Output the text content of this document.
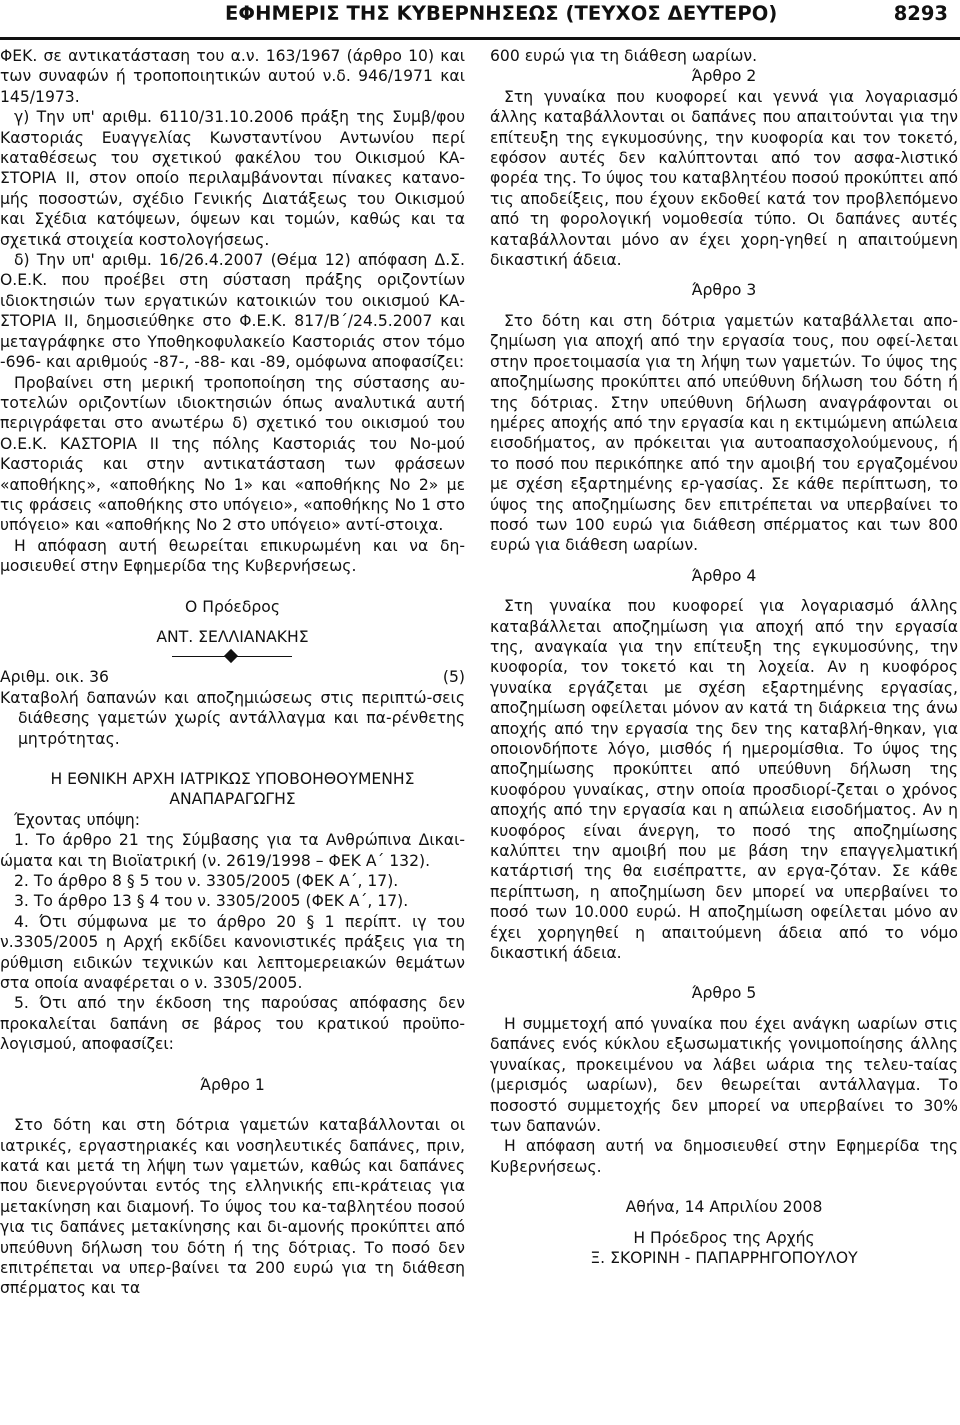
ΕΦΗΜΕΡΙΣ ΤΗΣ ΚΥΒΕΡΝΗΣΕΩΣ (ΤΕΥΧΟΣ ΔΕΥΤΕΡΟ)	8293

ΦΕΚ. σε αντικατάσταση του α.ν. 163/1967 (άρθρο 10) και των συναφών ή τροποποιητικών αυτού ν.δ. 946/1971 και 145/1973.

γ) Την υπ' αριθμ. 6110/31.10.2006 πράξη της Συμβ/φου Καστοριάς Ευαγγελίας Κωνσταντίνου Αντωνίου περί καταθέσεως του σχετικού φακέλου του Οικισμού ΚΑ-ΣΤΟΡΙΑ ΙΙ, στον οποίο περιλαμβάνονται πίνακες κατανο-μής ποσοστών, σχέδιο Γενικής Διατάξεως του Οικισμού και Σχέδια κατόψεων, όψεων και τομών, καθώς και τα σχετικά στοιχεία κοστολογήσεως.

δ) Την υπ' αριθμ. 16/26.4.2007 (Θέμα 12) απόφαση Δ.Σ. Ο.Ε.Κ. που προέβει στη σύσταση πράξης οριζοντίων ιδιοκτησιών των εργατικών κατοικιών του οικισμού ΚΑ-ΣΤΟΡΙΑ ΙΙ, δημοσιεύθηκε στο Φ.Ε.Κ. 817/Β΄/24.5.2007 και μεταγράφηκε στο Υποθηκοφυλακείο Καστοριάς στον τόμο -696- και αριθμούς -87-, -88- και -89, ομόφωνα αποφασίζει:

Προβαίνει στη μερική τροποποίηση της σύστασης αυ-τοτελών οριζοντίων ιδιοκτησιών όπως αναλυτικά αυτή περιγράφεται στο ανωτέρω δ) σχετικό του οικισμού του Ο.Ε.Κ. ΚΑΣΤΟΡΙΑ ΙΙ της πόλης Καστοριάς του Νο-μού Καστοριάς και στην αντικατάσταση των φράσεων «αποθήκης», «αποθήκης Νο 1» και «αποθήκης Νο 2» με τις φράσεις «αποθήκης στο υπόγειο», «αποθήκης Νο 1 στο υπόγειο» και «αποθήκης Νο 2 στο υπόγειο» αντί-στοιχα.

Η απόφαση αυτή θεωρείται επικυρωμένη και να δη-μοσιευθεί στην Εφημερίδα της Κυβερνήσεως.

Ο Πρόεδρος

ΑΝΤ. ΣΕΛΛΙΑΝΑΚΗΣ

Αριθμ. οικ. 36	(5)

Καταβολή δαπανών και αποζημιώσεως στις περιπτώ-σεις διάθεσης γαμετών χωρίς αντάλλαγμα και πα-ρένθετης μητρότητας.

Η ΕΘΝΙΚΗ ΑΡΧΗ ΙΑΤΡΙΚΩΣ ΥΠΟΒΟΗΘΟΥΜΕΝΗΣ

ΑΝΑΠΑΡΑΓΩΓΗΣ

Έχοντας υπόψη:

1. Το άρθρο 21 της Σύμβασης για τα Ανθρώπινα Δικαι-ώματα και τη Βιοϊατρική (ν. 2619/1998 – ΦΕΚ Α΄ 132).

2. Το άρθρο 8 § 5 του ν. 3305/2005 (ΦΕΚ Α΄, 17).

3. Το άρθρο 13 § 4 του ν. 3305/2005 (ΦΕΚ Α΄, 17).

4. Ότι σύμφωνα με το άρθρο 20 § 1 περίπτ. ιγ του ν.3305/2005 η Αρχή εκδίδει κανονιστικές πράξεις για τη ρύθμιση ειδικών τεχνικών και λεπτομερειακών θεμάτων στα οποία αναφέρεται ο ν. 3305/2005.

5. Ότι από την έκδοση της παρούσας απόφασης δεν προκαλείται δαπάνη σε βάρος του κρατικού προϋπο-λογισμού, αποφασίζει:

Άρθρο 1

Στο δότη και στη δότρια γαμετών καταβάλλονται οι ιατρικές, εργαστηριακές και νοσηλευτικές δαπάνες, πριν, κατά και μετά τη λήψη των γαμετών, καθώς και δαπάνες που διενεργούνται εντός της ελληνικής επι-κράτειας για μετακίνηση και διαμονή. Το ύψος του κα-ταβλητέου ποσού για τις δαπάνες μετακίνησης και δι-αμονής προκύπτει από υπεύθυνη δήλωση του δότη ή της δότριας. Το ποσό δεν επιτρέπεται να υπερ-βαίνει τα 200 ευρώ για τη διάθεση σπέρματος και τα

600 ευρώ για τη διάθεση ωαρίων.

Άρθρο 2

Στη γυναίκα που κυοφορεί και γεννά για λογαριασμό άλλης καταβάλλονται οι δαπάνες που απαιτούνται για την επίτευξη της εγκυμοσύνης, την κυοφορία και τον τοκετό, εφόσον αυτές δεν καλύπτονται από τον ασφα-λιστικό φορέα της. Το ύψος του καταβλητέου ποσού προκύπτει από τις αποδείξεις, που έχουν εκδοθεί κατά τον προβλεπόμενο από τη φορολογική νομοθεσία τύπο. Οι δαπάνες αυτές καταβάλλονται μόνο αν έχει χορη-γηθεί η απαιτούμενη δικαστική άδεια.

Άρθρο 3

Στο δότη και στη δότρια γαμετών καταβάλλεται απο-ζημίωση για αποχή από την εργασία τους, που οφεί-λεται στην προετοιμασία για τη λήψη των γαμετών. Το ύψος της αποζημίωσης προκύπτει από υπεύθυνη δήλωση του δότη ή της δότριας. Στην υπεύθυνη δήλωση αναγράφονται οι ημέρες αποχής από την εργασία και η εκτιμώμενη απώλεια εισοδήματος, αν πρόκειται για αυτοαπασχολούμενους, ή το ποσό που περικόπηκε από την αμοιβή του εργαζομένου με σχέση εξαρτημένης ερ-γασίας. Σε κάθε περίπτωση, το ύψος της αποζημίωσης δεν επιτρέπεται να υπερβαίνει το ποσό των 100 ευρώ για διάθεση σπέρματος και των 800 ευρώ για διάθεση ωαρίων.

Άρθρο 4

Στη γυναίκα που κυοφορεί για λογαριασμό άλλης καταβάλλεται αποζημίωση για αποχή από την εργασία της, αναγκαία για την επίτευξη της εγκυμοσύνης, την κυοφορία, τον τοκετό και τη λοχεία. Αν η κυοφόρος γυναίκα εργάζεται με σχέση εξαρτημένης εργασίας, αποζημίωση οφείλεται μόνον αν κατά τη διάρκεια της άνω αποχής από την εργασία της δεν της καταβλή-θηκαν, για οποιονδήποτε λόγο, μισθός ή ημερομίσθια. Το ύψος της αποζημίωσης προκύπτει από υπεύθυνη δήλωση της κυοφόρου γυναίκας, στην οποία προσδιορί-ζεται ο χρόνος αποχής από την εργασία και η απώλεια εισοδήματος. Αν η κυοφόρος είναι άνεργη, το ποσό της αποζημίωσης καλύπτει την αμοιβή που με βάση την επαγγελματική κατάρτισή της θα εισέπραττε, αν εργα-ζόταν. Σε κάθε περίπτωση, η αποζημίωση δεν μπορεί να υπερβαίνει το ποσό των 10.000 ευρώ. Η αποζημίωση οφείλεται μόνο αν έχει χορηγηθεί η απαιτούμενη άδεια από το νόμο δικαστική άδεια.

Άρθρο 5

Η συμμετοχή από γυναίκα που έχει ανάγκη ωαρίων στις δαπάνες ενός κύκλου εξωσωματικής γονιμοποίησης άλλης γυναίκας, προκειμένου να λάβει ωάρια της τελευ-ταίας (μερισμός ωαρίων), δεν θεωρείται αντάλλαγμα. Το ποσοστό συμμετοχής δεν μπορεί να υπερβαίνει το 30% των δαπανών.

Η απόφαση αυτή να δημοσιευθεί στην Εφημερίδα της Κυβερνήσεως.

Αθήνα, 14 Απριλίου 2008

Η Πρόεδρος της Αρχής

Ξ. ΣΚΟΡΙΝΗ - ΠΑΠΑΡΡΗΓΟΠΟΥΛΟΥ
